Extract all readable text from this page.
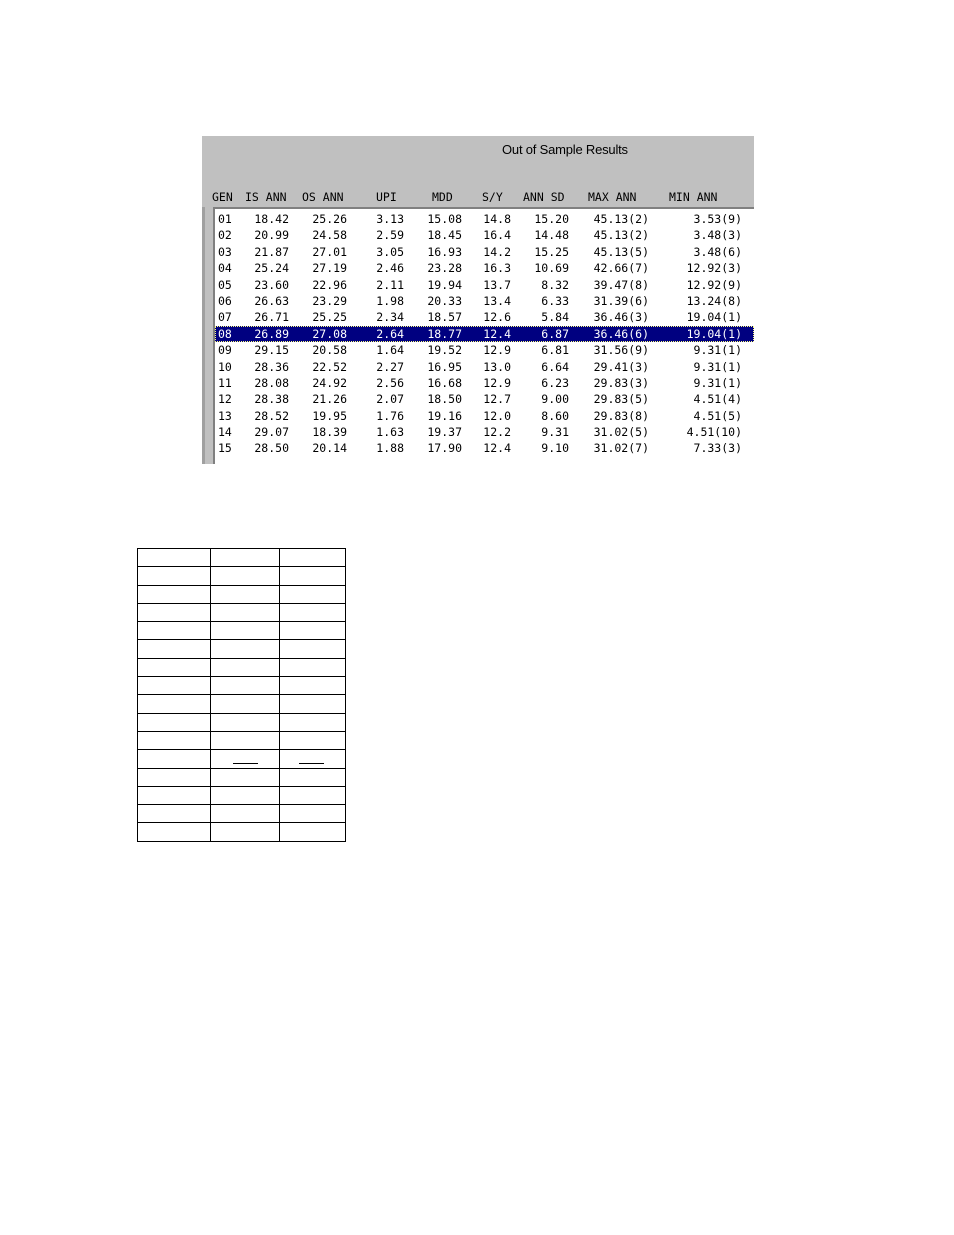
Out of Sample Results
GEN IS ANN OS ANN	UPI	MDD	S/Y ANN SD MAX ANN	MIN ANN
01 18.42 25.26	3.13 15.08 14.8 15.20 45.13(2)	3.53(9)
02 20.99 24.58	2.59 18.45 16.4 14.48 45.13(2)	3.48(3)
03 21.87 27.01	3.05 16.93 14.2 15.25 45.13(5)	3.48(6)
04 25.24 27.19	2.46 23.28 16.3 10.69 42.66(7)	12.92(3)
05 23.60 22.96	2.11 19.94 13.7	8.32 39.47(8)	12.92(9)
06 26.63 23.29	1.98 20.33 13.4	6.33 31.39(6)	13.24(8)
07 26.71 25.25	2.34 18.57 12.6	5.84 36.46(3)	19.04(1)
08 26.89 27.08	2.64 18.77 12.4	6.87 36.46(6)	19.04(1)
09 29.15 20.58	1.64 19.52 12.9	6.81 31.56(9)	9.31(1)
10 28.36 22.52	2.27 16.95 13.0	6.64 29.41(3)	9.31(1)
11 28.08 24.92	2.56 16.68 12.9	6.23 29.83(3)	9.31(1)
12 28.38 21.26	2.07 18.50 12.7	9.00 29.83(5)	4.51(4)
13 28.52 19.95	1.76 19.16 12.0	8.60 29.83(8)	4.51(5)
14 29.07 18.39	1.63 19.37 12.2	9.31 31.02(5)	4.51(10)
15 28.50 20.14	1.88 17.90 12.4	9.10 31.02(7)	7.33(3)
